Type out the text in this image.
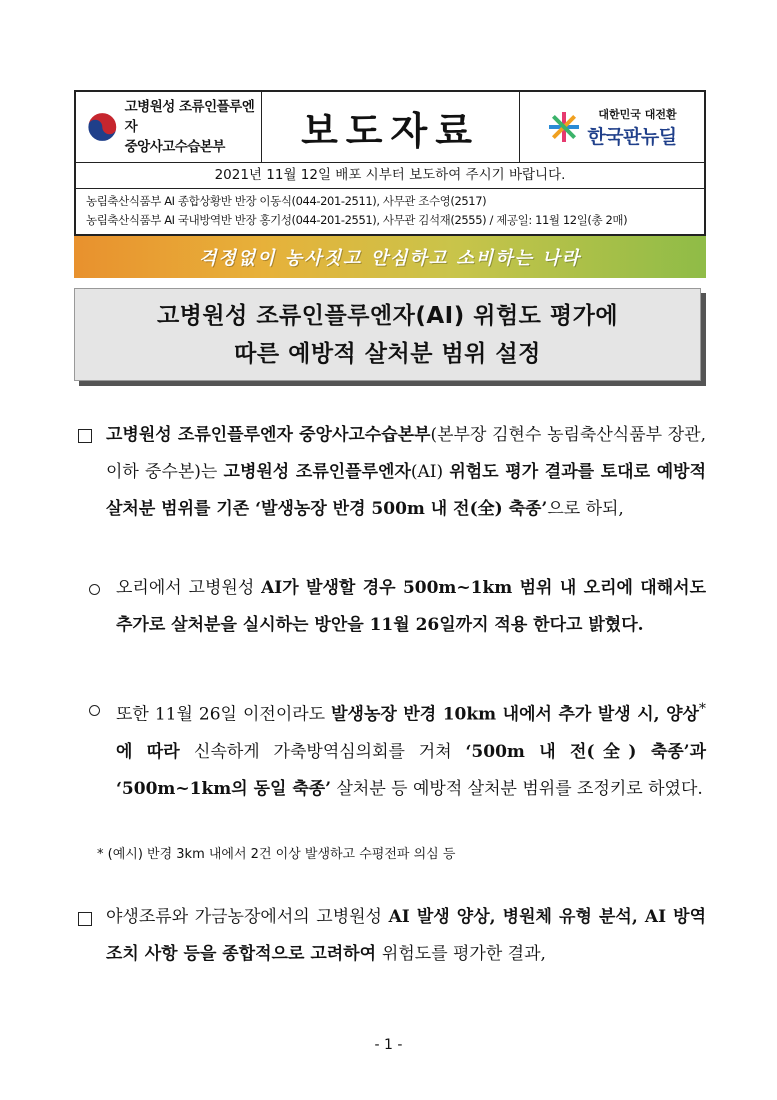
고병원성 조류인플루엔자
중앙사고수습본부	보도자료	대한민국 대전환
한국판뉴딜
2021년 11월 12일 배포 시부터 보도하여 주시기 바랍니다.
농림축산식품부 AI 종합상황반 반장 이동식(044-201-2511), 사무관 조수영(2517)
농림축산식품부 AI 국내방역반 반장 홍기성(044-201-2551), 사무관 김석재(2555) / 제공일: 11월 12일(총 2매)
걱정없이 농사짓고 안심하고 소비하는 나라
고병원성 조류인플루엔자(AI) 위험도 평가에
따른 예방적 살처분 범위 설정
고병원성 조류인플루엔자 중앙사고수습본부(본부장 김현수 농림축산식품부 장관, 이하 중수본)는 고병원성 조류인플루엔자(AI) 위험도 평가 결과를 토대로 예방적 살처분 범위를 기존 ‘발생농장 반경 500m 내 전(全) 축종’으로 하되,
오리에서 고병원성 AI가 발생할 경우 500m~1km 범위 내 오리에 대해서도 추가로 살처분을 실시하는 방안을 11월 26일까지 적용 한다고 밝혔다.
또한 11월 26일 이전이라도 발생농장 반경 10km 내에서 추가 발생 시, 양상*에 따라 신속하게 가축방역심의회를 거쳐 ‘500m 내 전(全) 축종’과 ‘500m~1km의 동일 축종’ 살처분 등 예방적 살처분 범위를 조정키로 하였다.
* (예시) 반경 3km 내에서 2건 이상 발생하고 수평전파 의심 등
야생조류와 가금농장에서의 고병원성 AI 발생 양상, 병원체 유형 분석, AI 방역조치 사항 등을 종합적으로 고려하여 위험도를 평가한 결과,
- 1 -
